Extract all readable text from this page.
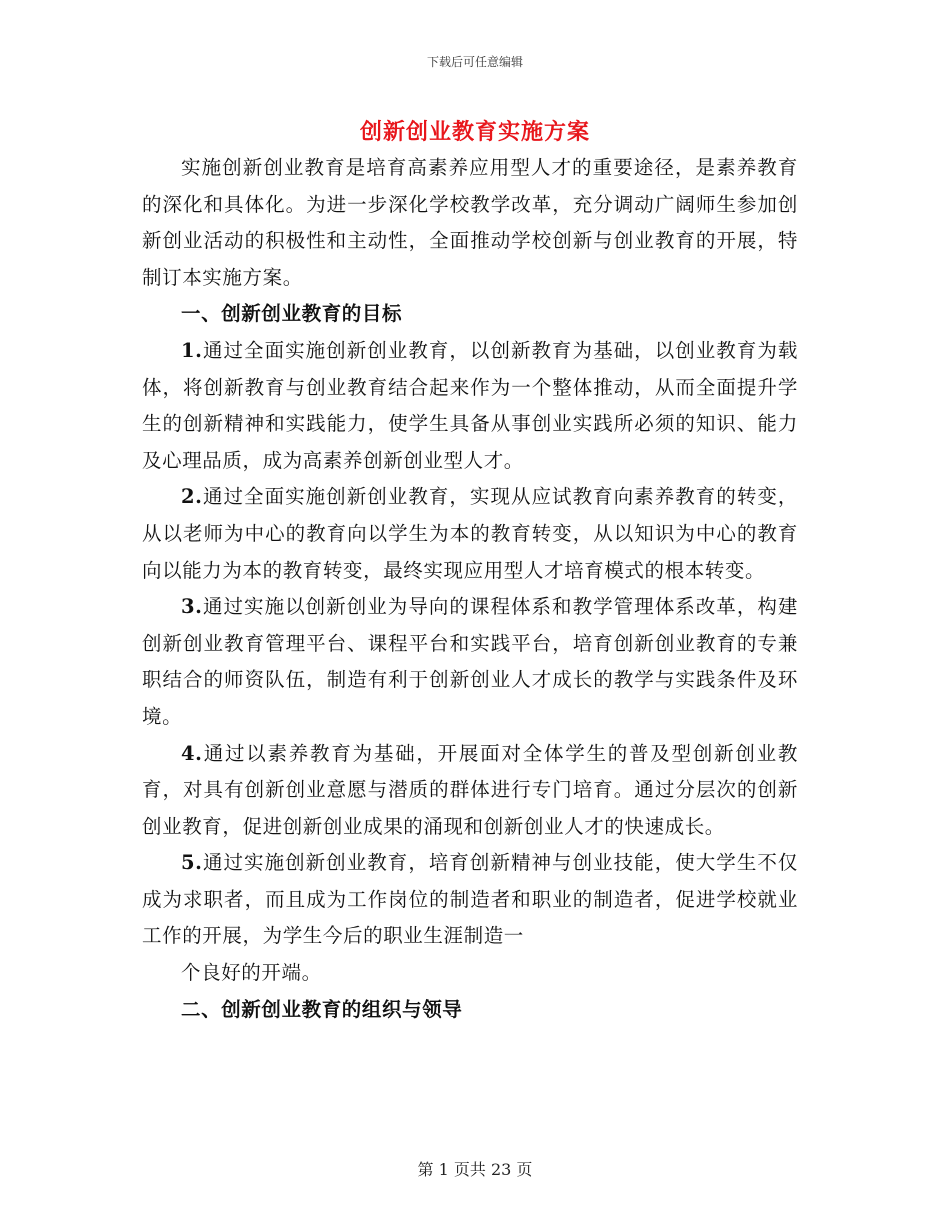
下载后可任意编辑
创新创业教育实施方案

实施创新创业教育是培育高素养应用型人才的重要途径，是素养教育的深化和具体化。为进一步深化学校教学改革，充分调动广阔师生参加创新创业活动的积极性和主动性，全面推动学校创新与创业教育的开展，特制订本实施方案。

一、创新创业教育的目标

1.通过全面实施创新创业教育，以创新教育为基础，以创业教育为载体，将创新教育与创业教育结合起来作为一个整体推动，从而全面提升学生的创新精神和实践能力，使学生具备从事创业实践所必须的知识、能力及心理品质，成为高素养创新创业型人才。

2.通过全面实施创新创业教育，实现从应试教育向素养教育的转变，从以老师为中心的教育向以学生为本的教育转变，从以知识为中心的教育向以能力为本的教育转变，最终实现应用型人才培育模式的根本转变。

3.通过实施以创新创业为导向的课程体系和教学管理体系改革，构建创新创业教育管理平台、课程平台和实践平台，培育创新创业教育的专兼职结合的师资队伍，制造有利于创新创业人才成长的教学与实践条件及环境。

4.通过以素养教育为基础，开展面对全体学生的普及型创新创业教育，对具有创新创业意愿与潜质的群体进行专门培育。通过分层次的创新创业教育，促进创新创业成果的涌现和创新创业人才的快速成长。

5.通过实施创新创业教育，培育创新精神与创业技能，使大学生不仅成为求职者，而且成为工作岗位的制造者和职业的制造者，促进学校就业工作的开展，为学生今后的职业生涯制造一

个良好的开端。

二、创新创业教育的组织与领导

第 1 页共 23 页
